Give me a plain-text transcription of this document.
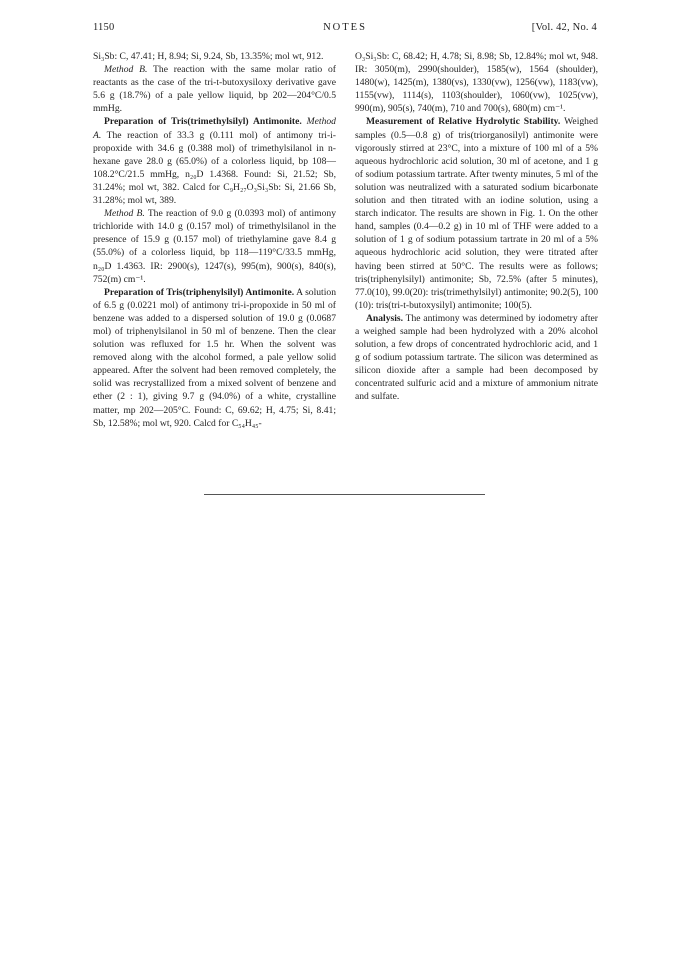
1150	NOTES	[Vol. 42, No. 4

Si₃Sb: C, 47.41; H, 8.94; Si, 9.24, Sb, 13.35%; mol wt, 912.

Method B. The reaction with the same molar ratio of reactants as the case of the tri-t-butoxysiloxy derivative gave 5.6 g (18.7%) of a pale yellow liquid, bp 202—204°C/0.5 mmHg.

Preparation of Tris(trimethylsilyl) Antimonite. Method A. The reaction of 33.3 g (0.111 mol) of antimony tri-i-propoxide with 34.6 g (0.388 mol) of trimethylsilanol in n-hexane gave 28.0 g (65.0%) of a colorless liquid, bp 108—108.2°C/21.5 mmHg, n₂₀D 1.4368. Found: Si, 21.52; Sb, 31.24%; mol wt, 382. Calcd for C₉H₂₇O₃Si₃Sb: Si, 21.66 Sb, 31.28%; mol wt, 389.

Method B. The reaction of 9.0 g (0.0393 mol) of antimony trichloride with 14.0 g (0.157 mol) of trimethylsilanol in the presence of 15.9 g (0.157 mol) of triethylamine gave 8.4 g (55.0%) of a colorless liquid, bp 118—119°C/33.5 mmHg, n₂₀D 1.4363. IR: 2900(s), 1247(s), 995(m), 900(s), 840(s), 752(m) cm⁻¹.

Preparation of Tris(triphenylsilyl) Antimonite. A solution of 6.5 g (0.0221 mol) of antimony tri-i-propoxide in 50 ml of benzene was added to a dispersed solution of 19.0 g (0.0687 mol) of triphenylsilanol in 50 ml of benzene. Then the clear solution was refluxed for 1.5 hr. When the solvent was removed along with the alcohol formed, a pale yellow solid appeared. After the solvent had been removed completely, the solid was recrystallized from a mixed solvent of benzene and ether (2 : 1), giving 9.7 g (94.0%) of a white, crystalline matter, mp 202—205°C. Found: C, 69.62; H, 4.75; Si, 8.41; Sb, 12.58%; mol wt, 920. Calcd for C₅₄H₄₅-

O₃Si₃Sb: C, 68.42; H, 4.78; Si, 8.98; Sb, 12.84%; mol wt, 948. IR: 3050(m), 2990(shoulder), 1585(w), 1564 (shoulder), 1480(w), 1425(m), 1380(vs), 1330(vw), 1256(vw), 1183(vw), 1155(vw), 1114(s), 1103(shoulder), 1060(vw), 1025(vw), 990(m), 905(s), 740(m), 710 and 700(s), 680(m) cm⁻¹.

Measurement of Relative Hydrolytic Stability. Weighed samples (0.5—0.8 g) of tris(triorganosilyl) antimonite were vigorously stirred at 23°C, into a mixture of 100 ml of a 5% aqueous hydrochloric acid solution, 30 ml of acetone, and 1 g of sodium potassium tartrate. After twenty minutes, 5 ml of the solution was neutralized with a saturated sodium bicarbonate solution and then titrated with an iodine solution, using a starch indicator. The results are shown in Fig. 1. On the other hand, samples (0.4—0.2 g) in 10 ml of THF were added to a solution of 1 g of sodium potassium tartrate in 20 ml of a 5% aqueous hydrochloric acid solution, they were titrated after having been stirred at 50°C. The results were as follows; tris(triphenylsilyl) antimonite; Sb, 72.5% (after 5 minutes), 77.0(10), 99.0(20): tris(trimethylsilyl) antimonite; 90.2(5), 100 (10): tris(tri-t-butoxysilyl) antimonite; 100(5).

Analysis. The antimony was determined by iodometry after a weighed sample had been hydrolyzed with a 20% alcohol solution, a few drops of concentrated hydrochloric acid, and 1 g of sodium potassium tartrate. The silicon was determined as silicon dioxide after a sample had been decomposed by concentrated sulfuric acid and a mixture of ammonium nitrate and sulfate.
